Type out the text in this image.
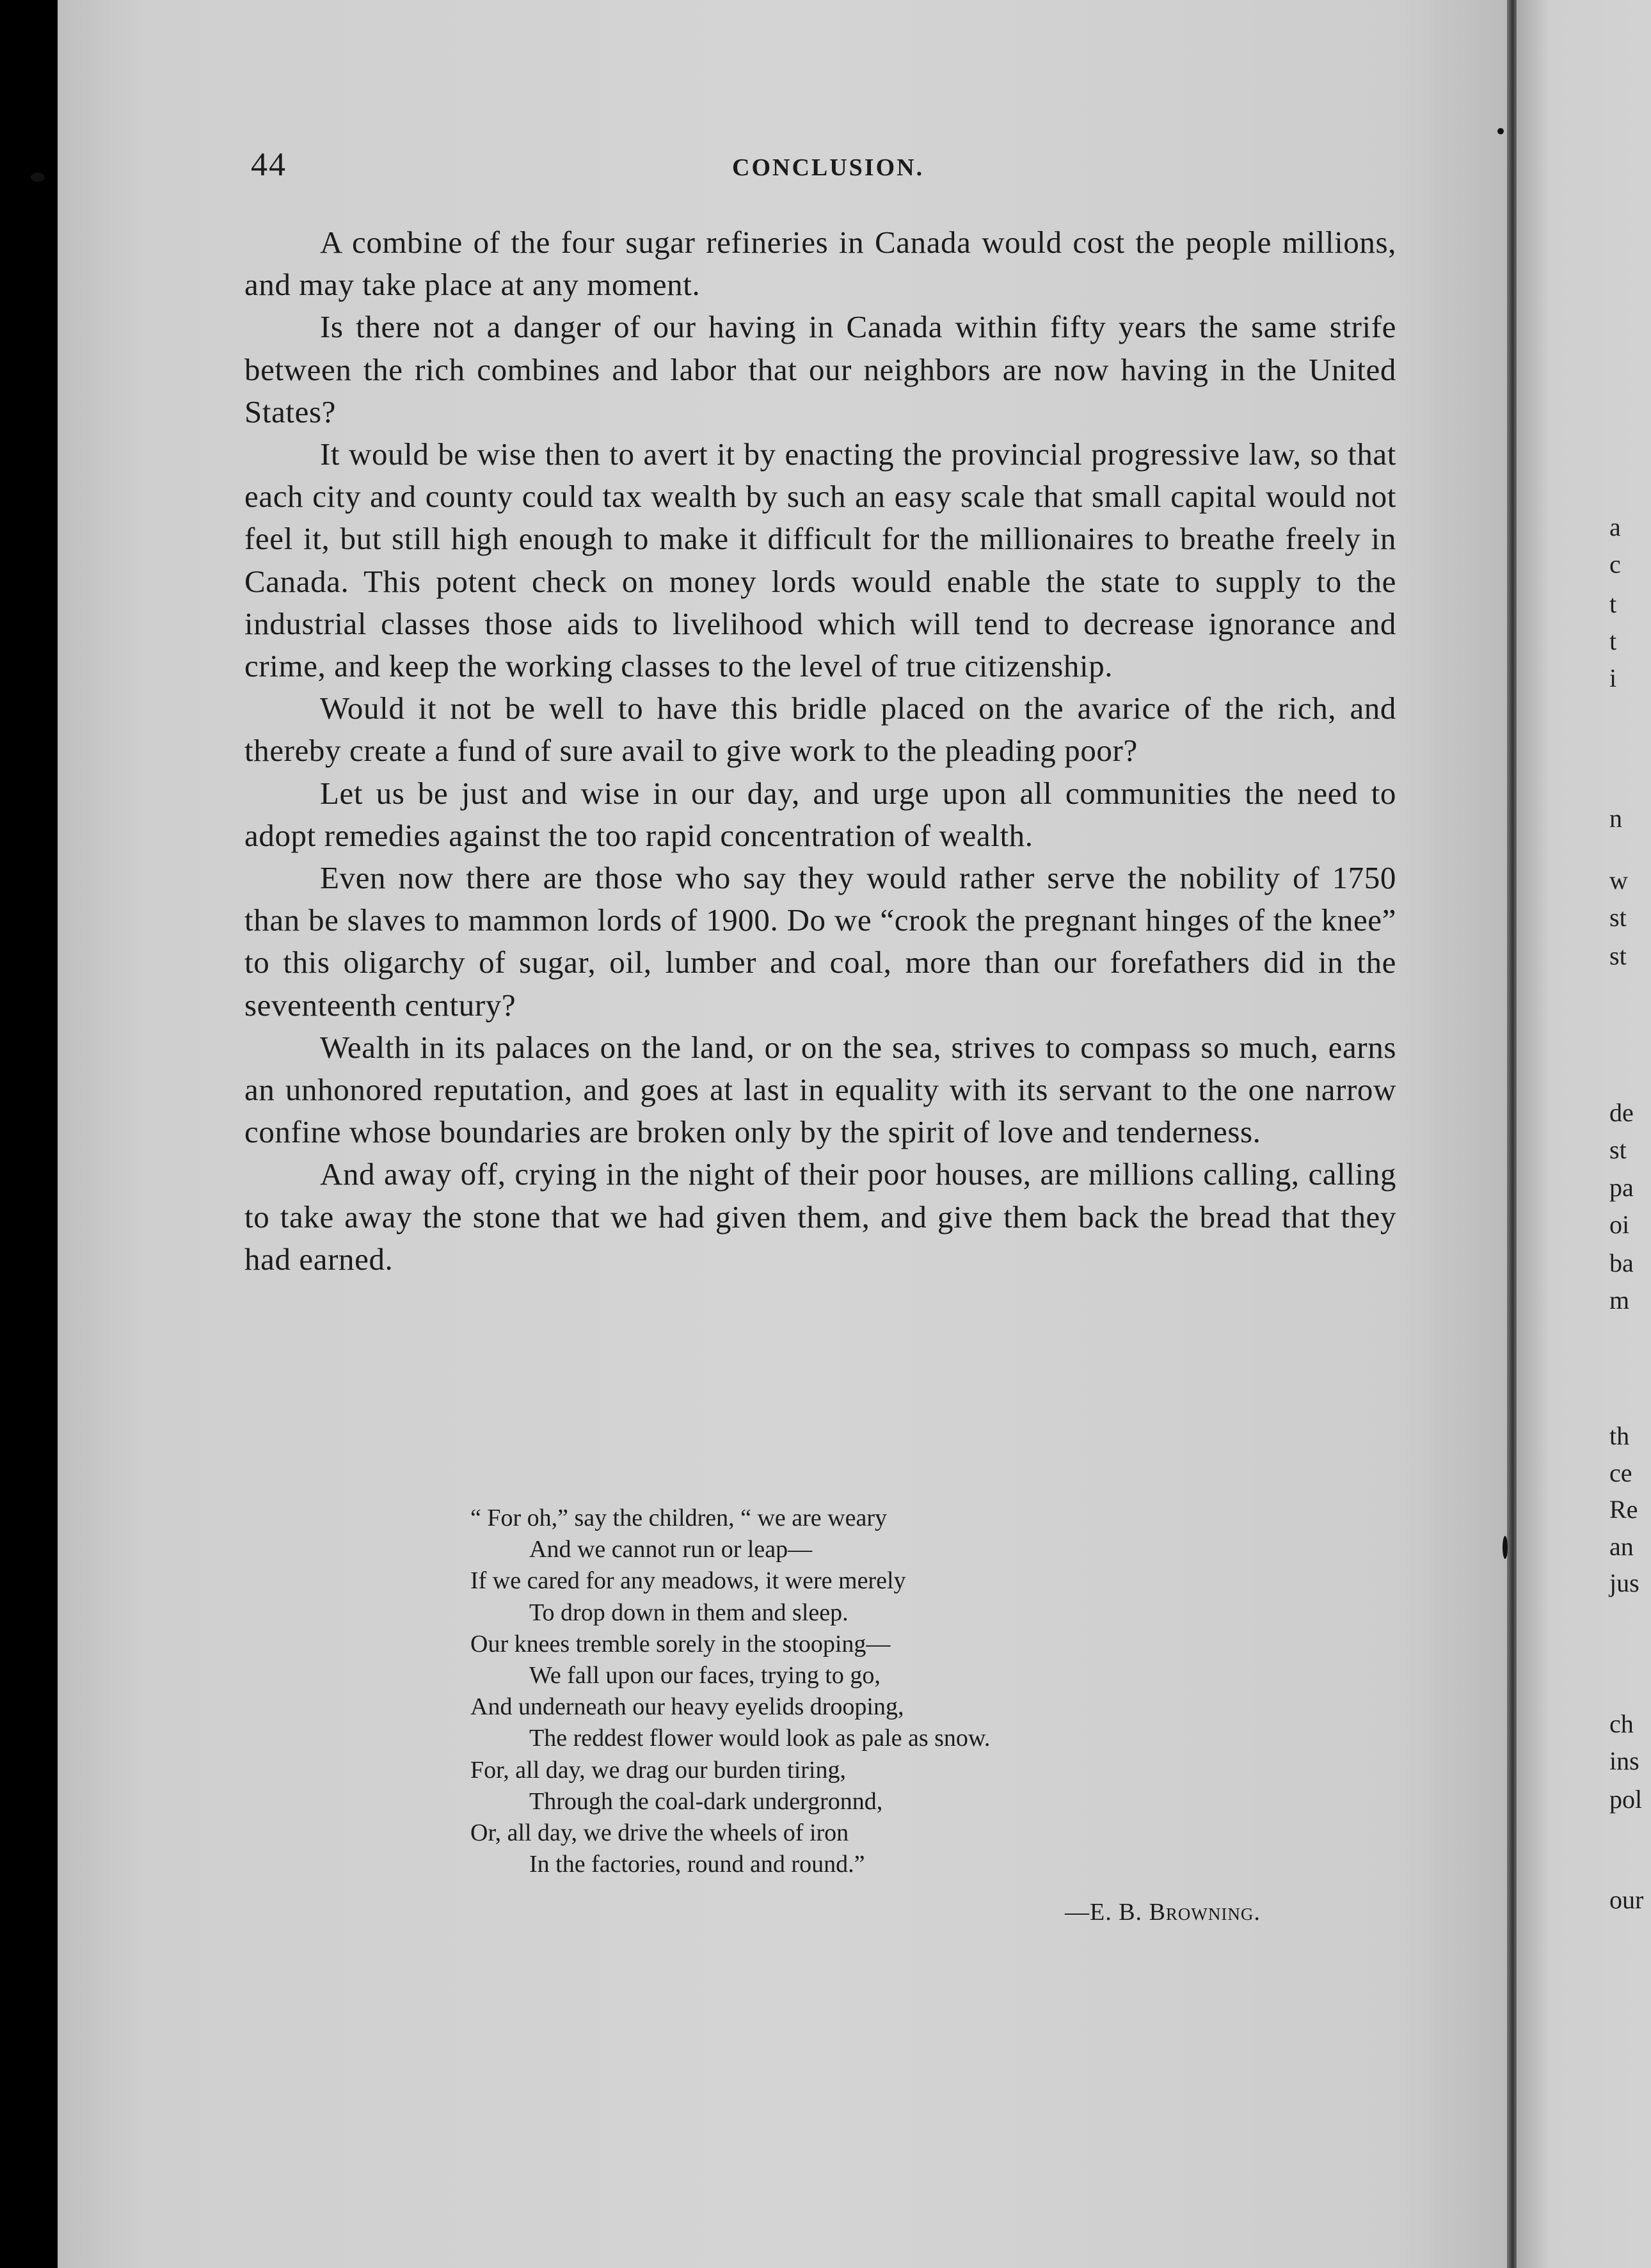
a
c
t
t
i
n
w
st
st
de
st
pa
oi
ba
m
th
ce
Re
an
jus
ch
ins
pol
our
44	CONCLUSION.

A combine of the four sugar refineries in Canada would cost the people millions, and may take place at any moment.

Is there not a danger of our having in Canada within fifty years the same strife between the rich combines and labor that our neighbors are now having in the United States?

It would be wise then to avert it by enacting the provincial progressive law, so that each city and county could tax wealth by such an easy scale that small capital would not feel it, but still high enough to make it difficult for the millionaires to breathe freely in Canada. This potent check on money lords would enable the state to supply to the industrial classes those aids to livelihood which will tend to decrease ignorance and crime, and keep the working classes to the level of true citizenship.

Would it not be well to have this bridle placed on the avarice of the rich, and thereby create a fund of sure avail to give work to the pleading poor?

Let us be just and wise in our day, and urge upon all communities the need to adopt remedies against the too rapid concentration of wealth.

Even now there are those who say they would rather serve the nobility of 1750 than be slaves to mammon lords of 1900. Do we “crook the pregnant hinges of the knee” to this oligarchy of sugar, oil, lumber and coal, more than our forefathers did in the seventeenth century?

Wealth in its palaces on the land, or on the sea, strives to compass so much, earns an unhonored reputation, and goes at last in equality with its servant to the one narrow confine whose boundaries are broken only by the spirit of love and tenderness.

And away off, crying in the night of their poor houses, are millions calling, calling to take away the stone that we had given them, and give them back the bread that they had earned.

“ For oh,” say the children, “ we are weary
And we cannot run or leap—
If we cared for any meadows, it were merely
To drop down in them and sleep.
Our knees tremble sorely in the stooping—
We fall upon our faces, trying to go,
And underneath our heavy eyelids drooping,
The reddest flower would look as pale as snow.
For, all day, we drag our burden tiring,
Through the coal-dark undergronnd,
Or, all day, we drive the wheels of iron
In the factories, round and round.”
—E. B. Browning.
